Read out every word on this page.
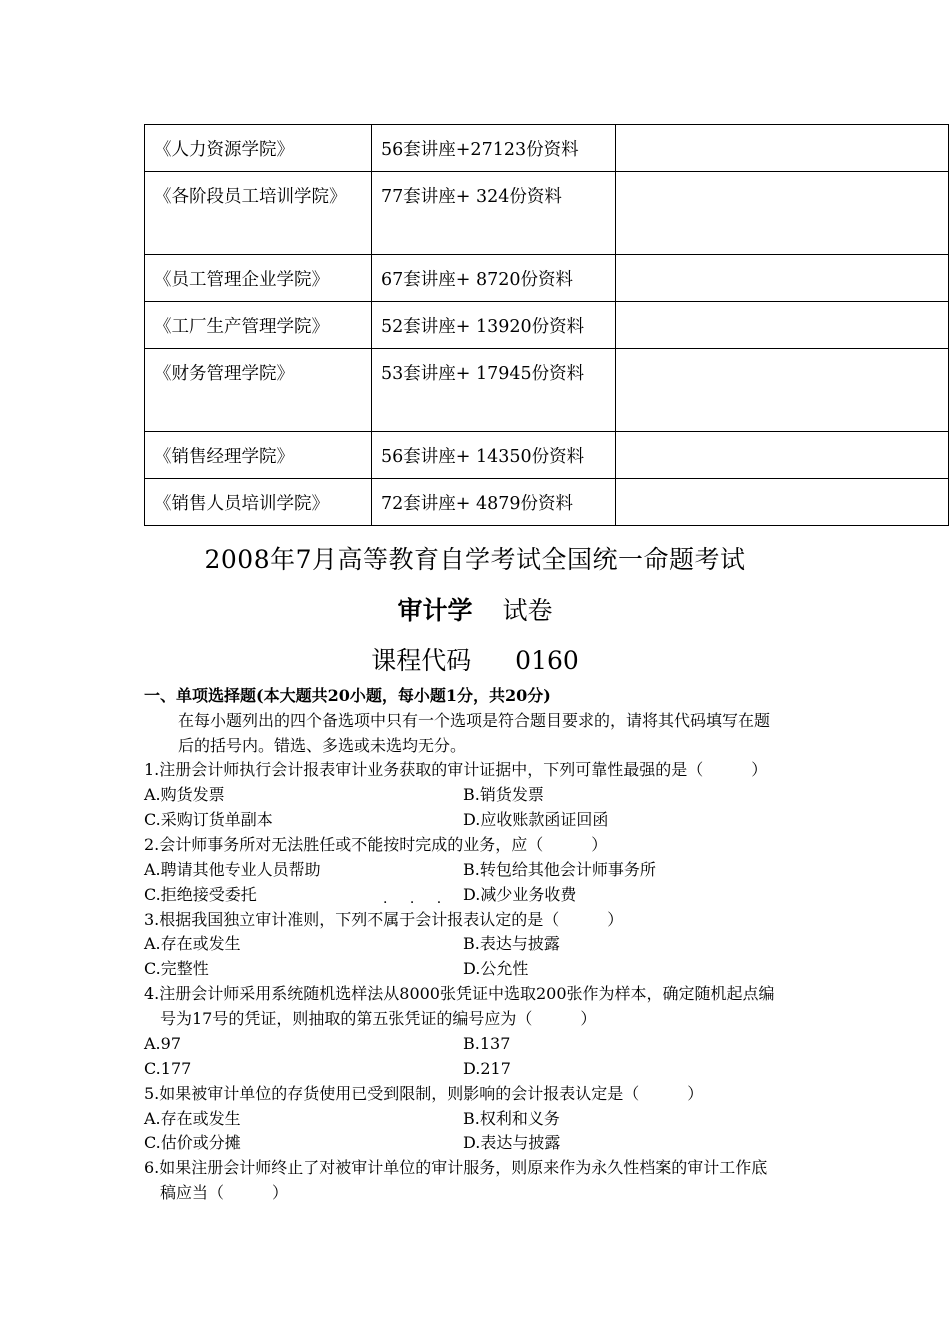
《人力资源学院》	56套讲座+27123份资料	
《各阶段员工培训学院》	77套讲座+ 324份资料	
《员工管理企业学院》	67套讲座+ 8720份资料	
《工厂生产管理学院》	52套讲座+ 13920份资料	
《财务管理学院》	53套讲座+ 17945份资料	
《销售经理学院》	56套讲座+ 14350份资料	
《销售人员培训学院》	72套讲座+ 4879份资料	
2008年7月高等教育自学考试全国统一命题考试
审计学 试卷
课程代码 0160
一、单项选择题(本大题共20小题，每小题1分，共20分)
在每小题列出的四个备选项中只有一个选项是符合题目要求的，请将其代码填写在题
后的括号内。错选、多选或未选均无分。
1.注册会计师执行会计报表审计业务获取的审计证据中，下列可靠性最强的是（　　　）
A.购货发票	B.销货发票
C.采购订货单副本	D.应收账款函证回函
2.会计师事务所对无法胜任或不能按时完成的业务，应（　　　）
A.聘请其他专业人员帮助	B.转包给其他会计师事务所
C.拒绝接受委托	D.减少业务收费
· · ·
3.根据我国独立审计准则，下列不属于会计报表认定的是（　　　）
A.存在或发生	B.表达与披露
C.完整性	D.公允性
4.注册会计师采用系统随机选样法从8000张凭证中选取200张作为样本，确定随机起点编
号为17号的凭证，则抽取的第五张凭证的编号应为（　　　）
A.97	B.137
C.177	D.217
5.如果被审计单位的存货使用已受到限制，则影响的会计报表认定是（　　　）
A.存在或发生	B.权利和义务
C.估价或分摊	D.表达与披露
6.如果注册会计师终止了对被审计单位的审计服务，则原来作为永久性档案的审计工作底
稿应当（　　　）
